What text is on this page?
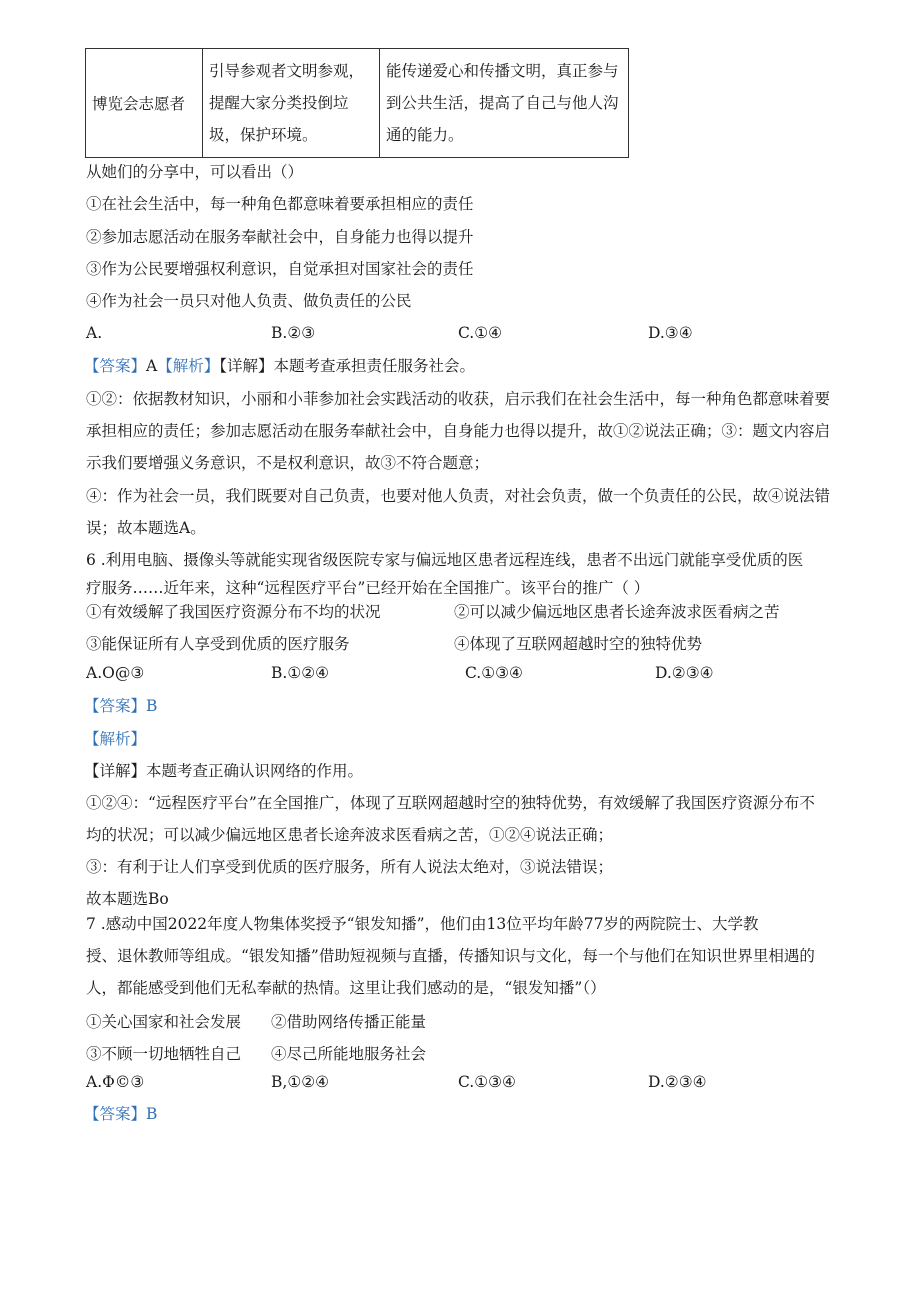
博览会志愿者	引导参观者文明参观，提醒大家分类投倒垃圾，保护环境。	能传递爱心和传播文明，真正参与到公共生活，提高了自己与他人沟通的能力。
从她们的分享中，可以看出（）
①在社会生活中，每一种角色都意味着要承担相应的责任
②参加志愿活动在服务奉献社会中，自身能力也得以提升
③作为公民要增强权利意识，自觉承担对国家社会的责任
④作为社会一员只对他人负责、做负责任的公民
A.	B.②③	C.①④	D.③④
【答案】A【解析】【详解】本题考查承担责任服务社会。
①②：依据教材知识，小丽和小菲参加社会实践活动的收获，启示我们在社会生活中，每一种角色都意味着要
承担相应的责任；参加志愿活动在服务奉献社会中，自身能力也得以提升，故①②说法正确；③：题文内容启
示我们要增强义务意识，不是权利意识，故③不符合题意；
④：作为社会一员，我们既要对自己负责，也要对他人负责，对社会负责，做一个负责任的公民，故④说法错
误；故本题选A。
6 .利用电脑、摄像头等就能实现省级医院专家与偏远地区患者远程连线，患者不出远门就能享受优质的医
疗服务……近年来，这种“远程医疗平台”已经开始在全国推广。该平台的推广（ ）
①有效缓解了我国医疗资源分布不均的状况	②可以减少偏远地区患者长途奔波求医看病之苦
③能保证所有人享受到优质的医疗服务	④体现了互联网超越时空的独特优势
A.O@③	B.①②④	C.①③④	D.②③④
【答案】B
【解析】
【详解】本题考查正确认识网络的作用。
①②④：“远程医疗平台”在全国推广，体现了互联网超越时空的独特优势，有效缓解了我国医疗资源分布不
均的状况；可以减少偏远地区患者长途奔波求医看病之苦，①②④说法正确；
③：有利于让人们享受到优质的医疗服务，所有人说法太绝对，③说法错误；
故本题选Bo
7 .感动中国2022年度人物集体奖授予“银发知播”，他们由13位平均年龄77岁的两院院士、大学教
授、退休教师等组成。“银发知播”借助短视频与直播，传播知识与文化，每一个与他们在知识世界里相遇的
人，都能感受到他们无私奉献的热情。这里让我们感动的是，“银发知播”（）
①关心国家和社会发展 ②借助网络传播正能量
③不顾一切地牺牲自己 ④尽己所能地服务社会
A.Φ©③	B,①②④	C.①③④	D.②③④
【答案】B
